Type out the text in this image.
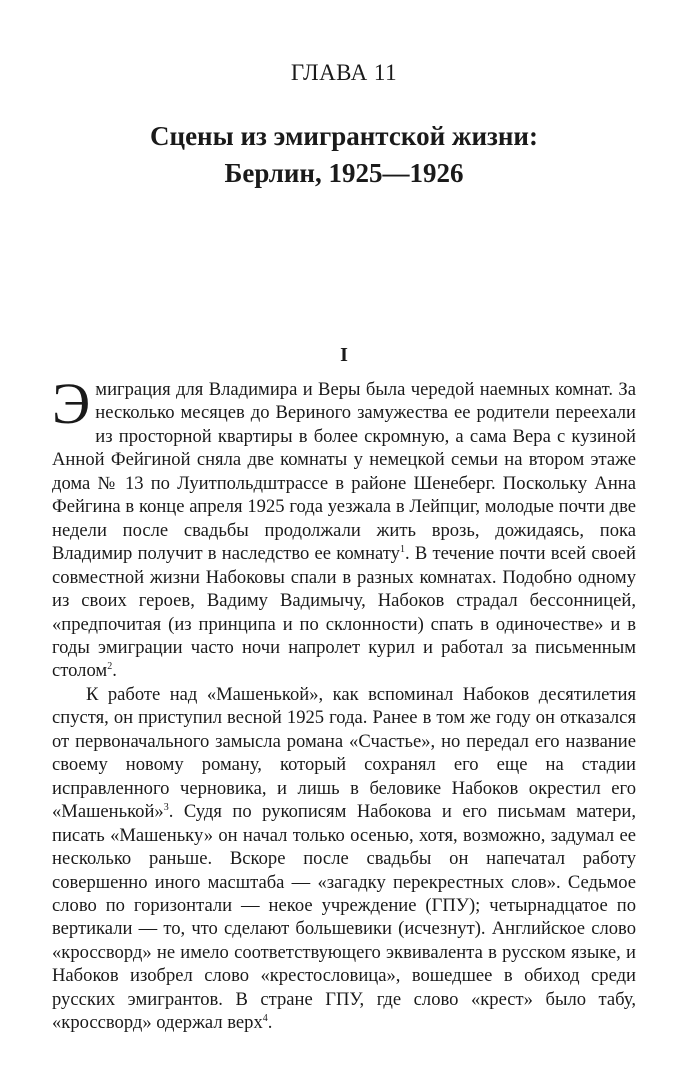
ГЛАВА 11
Сцены из эмигрантской жизни:
Берлин, 1925—1926
I

Эмиграция для Владимира и Веры была чередой наемных комнат. За несколько месяцев до Вериного замужества ее родители переехали из просторной квартиры в более скромную, а сама Вера с кузиной Анной Фейгиной сняла две комнаты у немецкой семьи на втором этаже дома № 13 по Луитпольдштрассе в районе Шенеберг. Поскольку Анна Фейгина в конце апреля 1925 года уезжала в Лейпциг, молодые почти две недели после свадьбы продолжали жить врозь, дожидаясь, пока Владимир получит в наследство ее комнату$^1$. В течение почти всей своей совместной жизни Набоковы спали в разных комнатах. Подобно одному из своих героев, Вадиму Вадимычу, Набоков страдал бессонницей, «предпочитая (из принципа и по склонности) спать в одиночестве» и в годы эмиграции часто ночи напролет курил и работал за письменным столом$^2$.

К работе над «Машенькой», как вспоминал Набоков десятилетия спустя, он приступил весной 1925 года. Ранее в том же году он отказался от первоначального замысла романа «Счастье», но передал его название своему новому роману, который сохранял его еще на стадии исправленного черновика, и лишь в беловике Набоков окрестил его «Машенькой»$^3$. Судя по рукописям Набокова и его письмам матери, писать «Машеньку» он начал только осенью, хотя, возможно, задумал ее несколько раньше. Вскоре после свадьбы он напечатал работу совершенно иного масштаба — «загадку перекрестных слов». Седьмое слово по горизонтали — некое учреждение (ГПУ); четырнадцатое по вертикали — то, что сделают большевики (исчезнут). Английское слово «кроссворд» не имело соответствующего эквивалента в русском языке, и Набоков изобрел слово «крестословица», вошедшее в обиход среди русских эмигрантов. В стране ГПУ, где слово «крест» было табу, «кроссворд» одержал верх$^4$.
